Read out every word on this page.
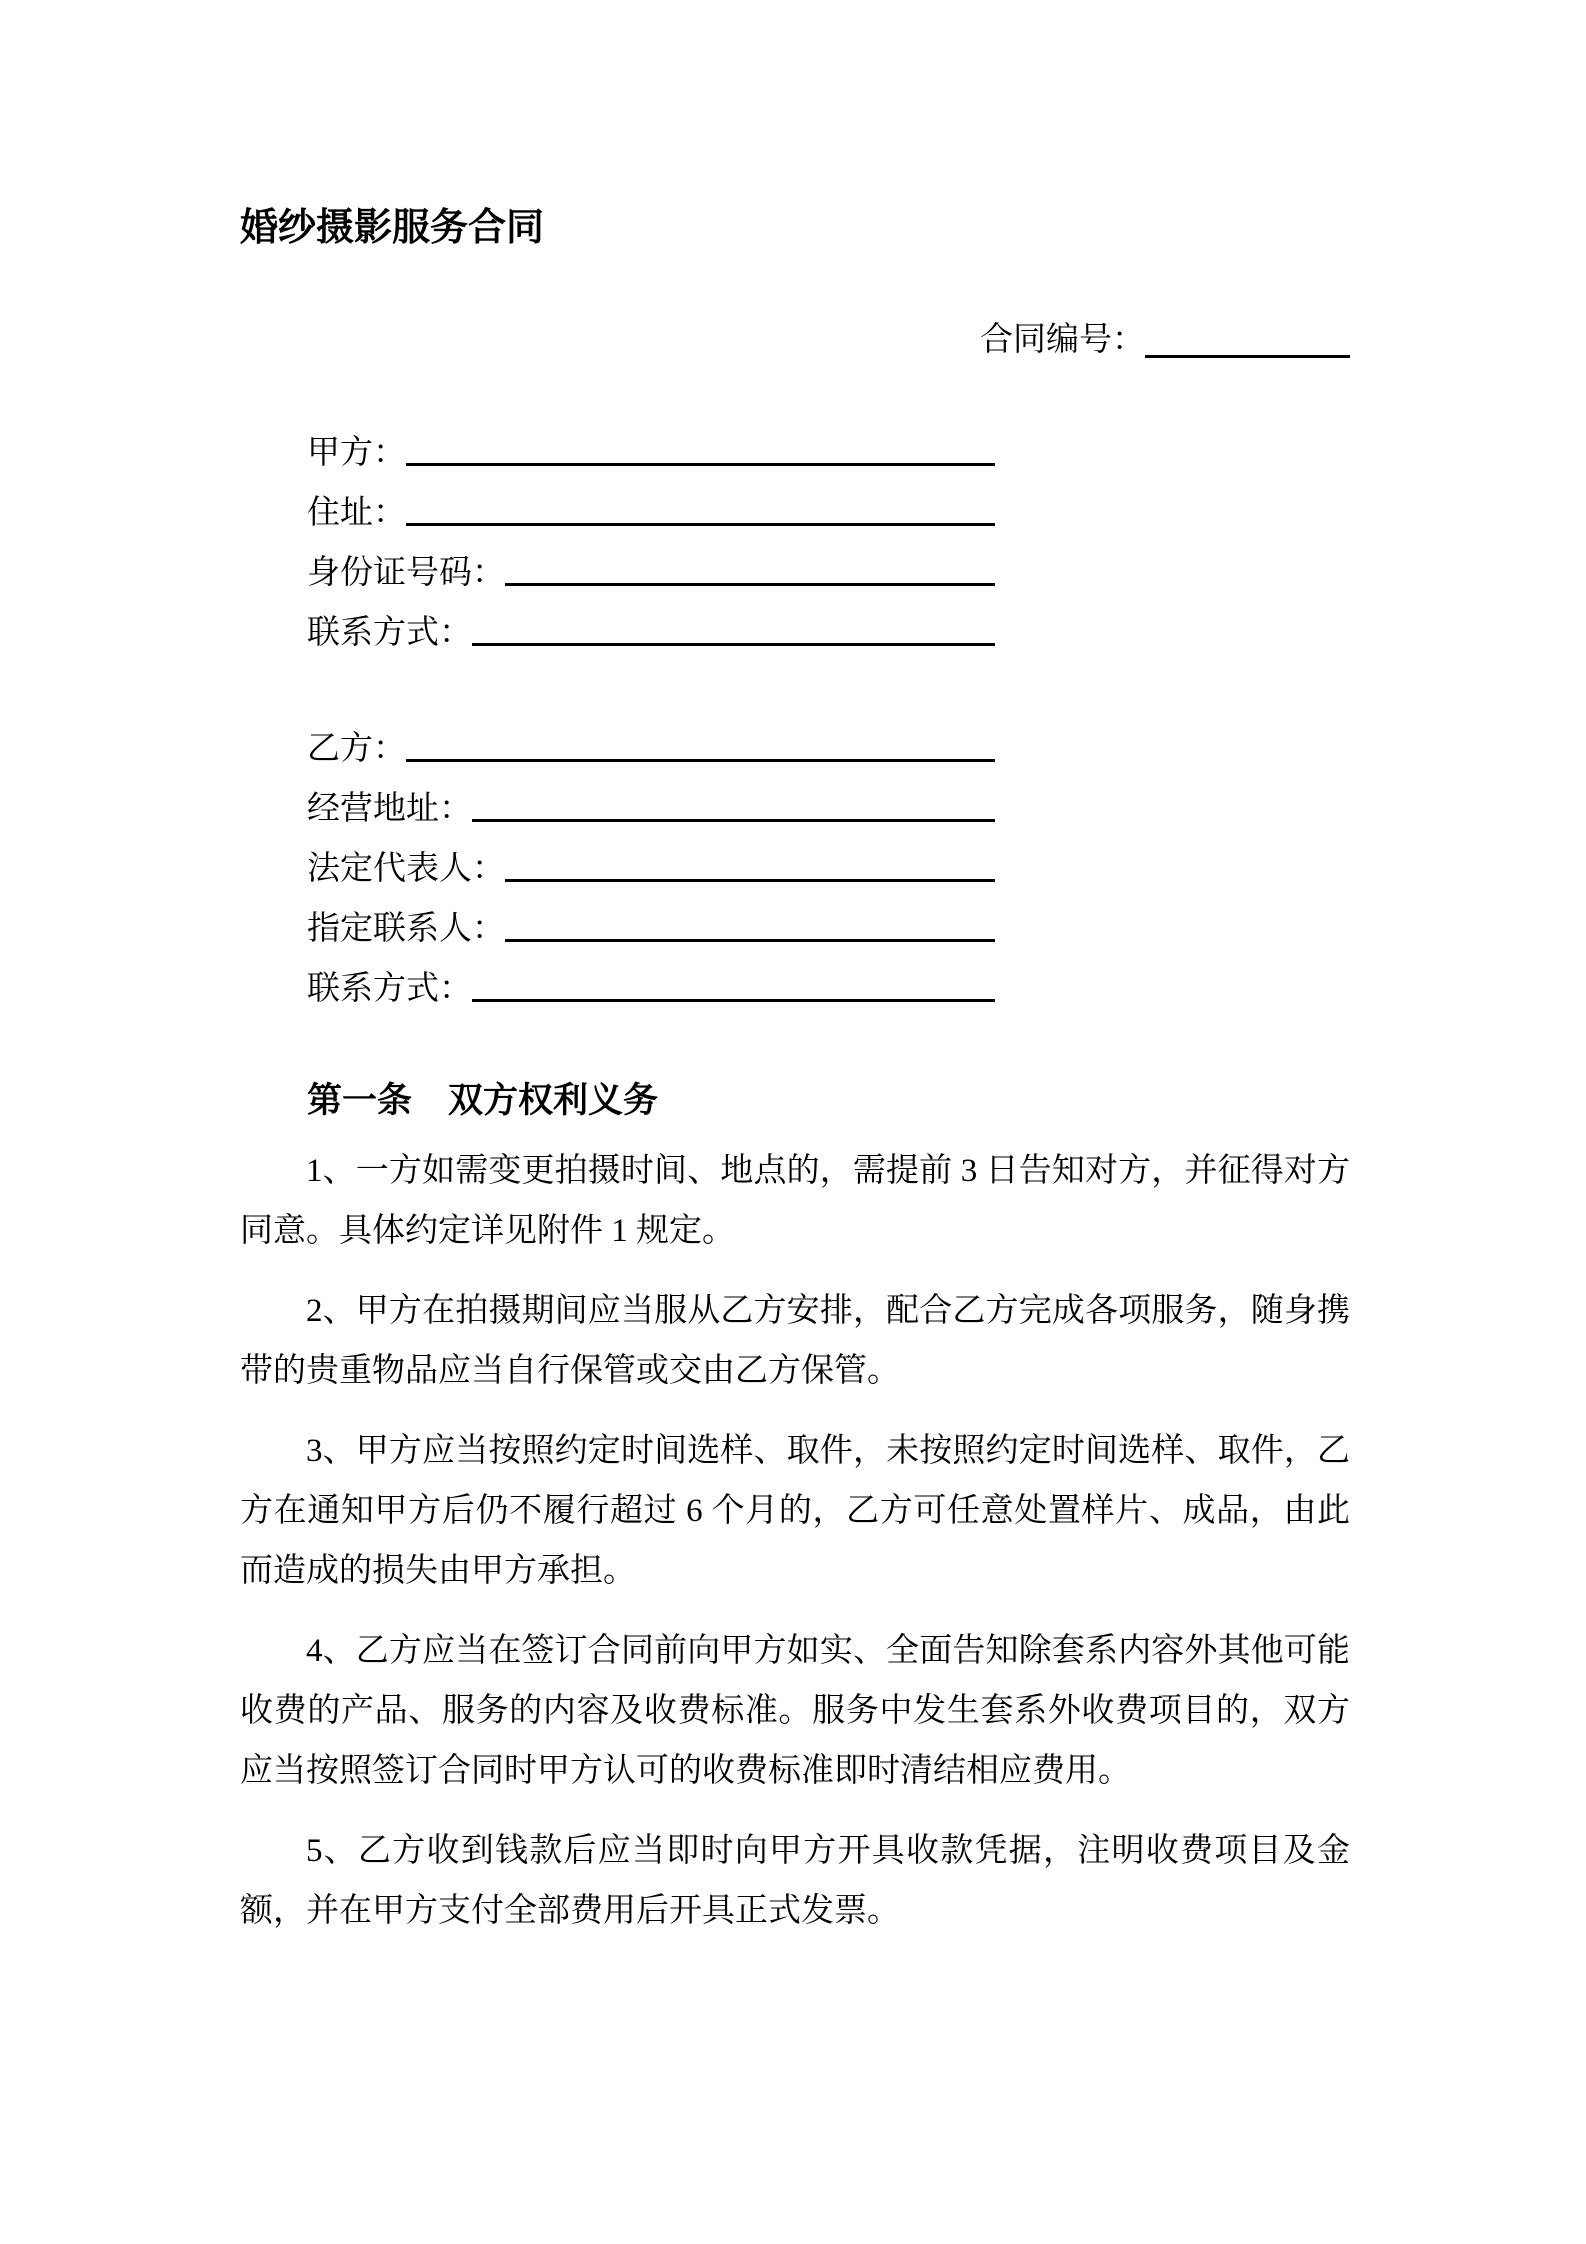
婚纱摄影服务合同
合同编号：
甲方：
住址：
身份证号码：
联系方式：
乙方：
经营地址：
法定代表人：
指定联系人：
联系方式：
第一条 双方权利义务

1、一方如需变更拍摄时间、地点的，需提前 3 日告知对方，并征得对方同意。具体约定详见附件 1 规定。

2、甲方在拍摄期间应当服从乙方安排，配合乙方完成各项服务，随身携带的贵重物品应当自行保管或交由乙方保管。

3、甲方应当按照约定时间选样、取件，未按照约定时间选样、取件，乙方在通知甲方后仍不履行超过 6 个月的，乙方可任意处置样片、成品，由此而造成的损失由甲方承担。

4、乙方应当在签订合同前向甲方如实、全面告知除套系内容外其他可能收费的产品、服务的内容及收费标准。服务中发生套系外收费项目的，双方应当按照签订合同时甲方认可的收费标准即时清结相应费用。

5、乙方收到钱款后应当即时向甲方开具收款凭据，注明收费项目及金额，并在甲方支付全部费用后开具正式发票。
